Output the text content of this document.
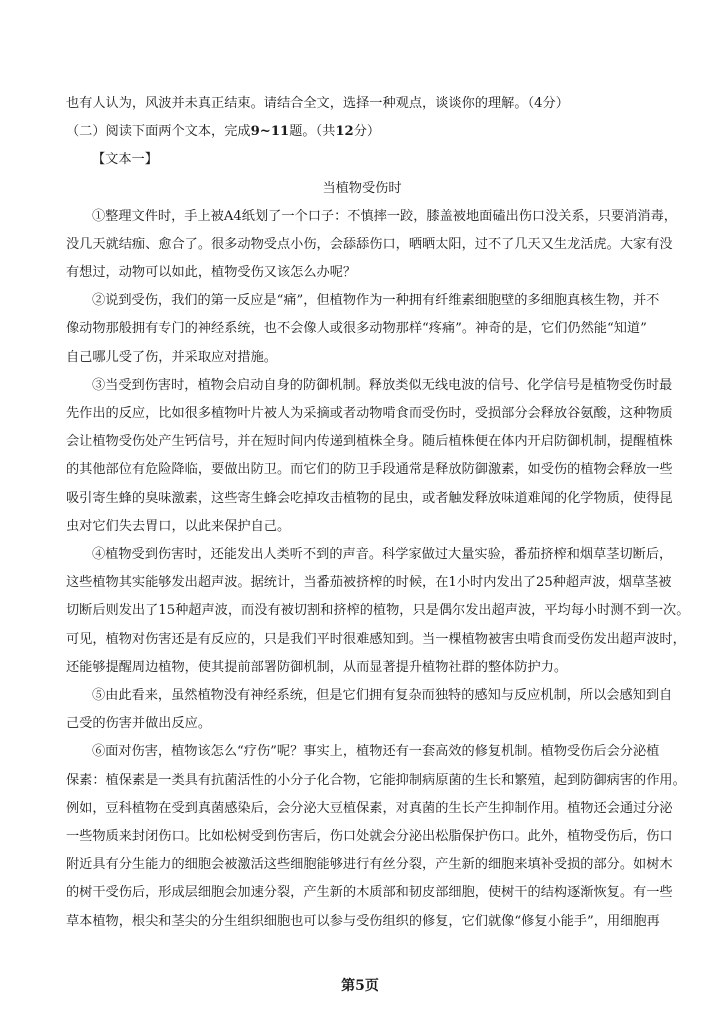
也有人认为，风波并未真正结束。请结合全文，选择一种观点，谈谈你的理解。（4分）
（二）阅读下面两个文本，完成9~11题。（共12分）
【文本一】
当植物受伤时
①整理文件时，手上被A4纸划了一个口子：不慎摔一跤，膝盖被地面磕出伤口没关系，只要消消毒，
没几天就结痂、愈合了。很多动物受点小伤，会舔舔伤口，晒晒太阳，过不了几天又生龙活虎。大家有没
有想过，动物可以如此，植物受伤又该怎么办呢？
②说到受伤，我们的第一反应是“痛”，但植物作为一种拥有纤维素细胞壁的多细胞真核生物，并不
像动物那般拥有专门的神经系统，也不会像人或很多动物那样“疼痛”。神奇的是，它们仍然能“知道”
自己哪儿受了伤，并采取应对措施。
③当受到伤害时，植物会启动自身的防御机制。释放类似无线电波的信号、化学信号是植物受伤时最
先作出的反应，比如很多植物叶片被人为采摘或者动物啃食而受伤时，受损部分会释放谷氨酸，这种物质
会让植物受伤处产生钙信号，并在短时间内传递到植株全身。随后植株便在体内开启防御机制，提醒植株
的其他部位有危险降临，要做出防卫。而它们的防卫手段通常是释放防御激素，如受伤的植物会释放一些
吸引寄生蜂的臭味激素，这些寄生蜂会吃掉攻击植物的昆虫，或者触发释放味道难闻的化学物质，使得昆
虫对它们失去胃口，以此来保护自己。
④植物受到伤害时，还能发出人类听不到的声音。科学家做过大量实验，番茄挤榨和烟草茎切断后，
这些植物其实能够发出超声波。据统计，当番茄被挤榨的时候，在1小时内发出了25种超声波，烟草茎被
切断后则发出了15种超声波，而没有被切割和挤榨的植物，只是偶尔发出超声波，平均每小时测不到一次。
可见，植物对伤害还是有反应的，只是我们平时很难感知到。当一棵植物被害虫啃食而受伤发出超声波时，
还能够提醒周边植物，使其提前部署防御机制，从而显著提升植物社群的整体防护力。
⑤由此看来，虽然植物没有神经系统，但是它们拥有复杂而独特的感知与反应机制，所以会感知到自
己受的伤害并做出反应。
⑥面对伤害，植物该怎么“疗伤”呢？事实上，植物还有一套高效的修复机制。植物受伤后会分泌植
保素：植保素是一类具有抗菌活性的小分子化合物，它能抑制病原菌的生长和繁殖，起到防御病害的作用。
例如，豆科植物在受到真菌感染后，会分泌大豆植保素，对真菌的生长产生抑制作用。植物还会通过分泌
一些物质来封闭伤口。比如松树受到伤害后，伤口处就会分泌出松脂保护伤口。此外，植物受伤后，伤口
附近具有分生能力的细胞会被激活这些细胞能够进行有丝分裂，产生新的细胞来填补受损的部分。如树木
的树干受伤后，形成层细胞会加速分裂，产生新的木质部和韧皮部细胞，使树干的结构逐渐恢复。有一些
草本植物，根尖和茎尖的分生组织细胞也可以参与受伤组织的修复，它们就像“修复小能手”，用细胞再
第5页
